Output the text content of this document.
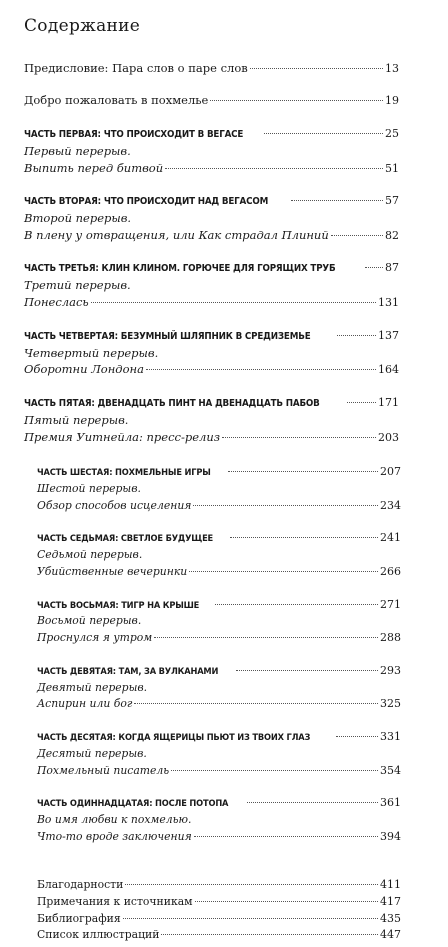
Содержание
Предисловие: Пара слов о паре слов	13
Добро пожаловать в похмелье	19
ЧАСТЬ ПЕРВАЯ: ЧТО ПРОИСХОДИТ В ВЕГАСЕ	25
Первый перерыв.
Выпить перед битвой	51
ЧАСТЬ ВТОРАЯ: ЧТО ПРОИСХОДИТ НАД ВЕГАСОМ	57
Второй перерыв.
В плену у отвращения, или Как страдал Плиний	82
ЧАСТЬ ТРЕТЬЯ: КЛИН КЛИНОМ. ГОРЮЧЕЕ ДЛЯ ГОРЯЩИХ ТРУБ	87
Третий перерыв.
Понеслась	131
ЧАСТЬ ЧЕТВЕРТАЯ: БЕЗУМНЫЙ ШЛЯПНИК В СРЕДИЗЕМЬЕ	137
Четвертый перерыв.
Оборотни Лондона	164
ЧАСТЬ ПЯТАЯ: ДВЕНАДЦАТЬ ПИНТ НА ДВЕНАДЦАТЬ ПАБОВ	171
Пятый перерыв.
Премия Уитнейла: пресс-релиз	203
ЧАСТЬ ШЕСТАЯ: ПОХМЕЛЬНЫЕ ИГРЫ	207
Шестой перерыв.
Обзор способов исцеления	234
ЧАСТЬ СЕДЬМАЯ: СВЕТЛОЕ БУДУЩЕЕ	241
Седьмой перерыв.
Убийственные вечеринки	266
ЧАСТЬ ВОСЬМАЯ: ТИГР НА КРЫШЕ	271
Восьмой перерыв.
Проснулся я утром	288
ЧАСТЬ ДЕВЯТАЯ: ТАМ, ЗА ВУЛКАНАМИ	293
Девятый перерыв.
Аспирин или бог	325
ЧАСТЬ ДЕСЯТАЯ: КОГДА ЯЩЕРИЦЫ ПЬЮТ ИЗ ТВОИХ ГЛАЗ	331
Десятый перерыв.
Похмельный писатель	354
ЧАСТЬ ОДИННАДЦАТАЯ: ПОСЛЕ ПОТОПА	361
Во имя любви к похмелью.
Что-то вроде заключения	394
Благодарности	411
Примечания к источникам	417
Библиография	435
Список иллюстраций	447
